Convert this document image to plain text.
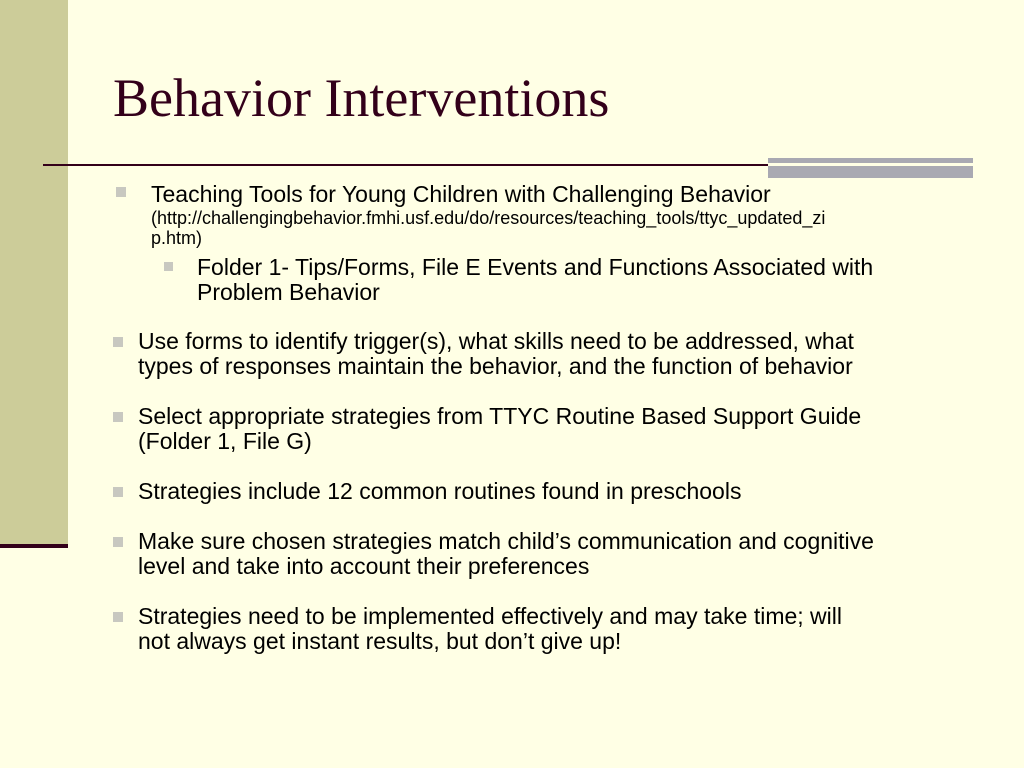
Behavior Interventions
Teaching Tools for Young Children with Challenging Behavior
(http://challengingbehavior.fmhi.usf.edu/do/resources/teaching_tools/ttyc_updated_zi
p.htm)
Folder 1- Tips/Forms, File E Events and Functions Associated with
Problem Behavior
Use forms to identify trigger(s), what skills need to be addressed, what
types of responses maintain the behavior, and the function of behavior
Select appropriate strategies from TTYC Routine Based Support Guide
(Folder 1, File G)
Strategies include 12 common routines found in preschools
Make sure chosen strategies match child’s communication and cognitive
level and take into account their preferences
Strategies need to be implemented effectively and may take time; will
not always get instant results, but don’t give up!
